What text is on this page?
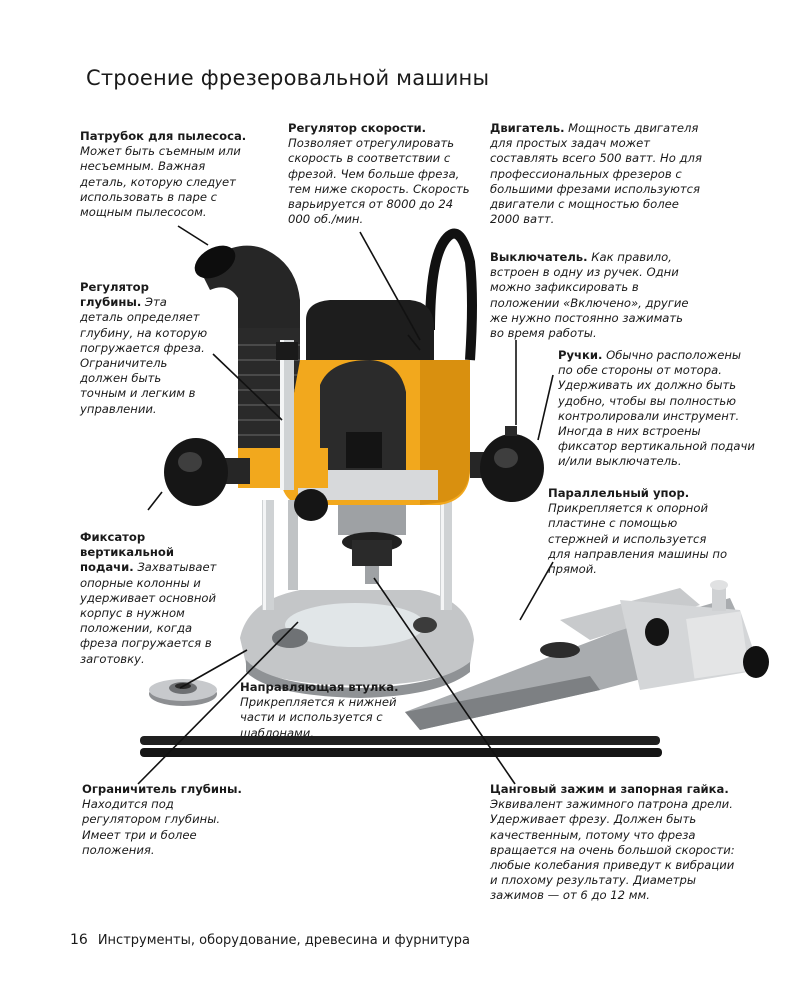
Строение фрезеровальной машины
Патрубок для пылесоса. Может быть съемным или несъемным. Важная деталь, которую следует использовать в паре с мощным пылесосом.
Регулятор скорости. Позволяет отрегулировать скорость в соответствии с фрезой. Чем больше фреза, тем ниже скорость. Скорость варьируется от 8000 до 24 000 об./мин.
Двигатель. Мощность двигателя для простых задач может составлять всего 500 ватт. Но для профессиональных фрезеров с большими фрезами используются двигатели с мощностью более 2000 ватт.
Выключатель. Как правило, встроен в одну из ручек. Одни можно зафиксировать в положении «Включено», другие же нужно постоянно зажимать во время работы.
Ручки. Обычно расположены по обе стороны от мотора. Удерживать их должно быть удобно, чтобы вы полностью контролировали инструмент. Иногда в них встроены фиксатор вертикальной подачи и/или выключатель.
Регулятор глубины. Эта деталь определяет глубину, на которую погружается фреза. Ограничитель должен быть точным и легким в управлении.
Параллельный упор. Прикрепляется к опорной пластине с помощью стержней и используется для направления машины по прямой.
Фиксатор вертикальной подачи. Захватывает опорные колонны и удерживает основной корпус в нужном положении, когда фреза погружается в заготовку.
Направляющая втулка. Прикрепляется к нижней части и используется с шаблонами.
Ограничитель глубины. Находится под регулятором глубины. Имеет три и более положения.
Цанговый зажим и запорная гайка. Эквивалент зажимного патрона дрели. Удерживает фрезу. Должен быть качественным, потому что фреза вращается на очень большой скорости: любые колебания приведут к вибрации и плохому результату. Диаметры зажимов — от 6 до 12 мм.
16 Инструменты, оборудование, древесина и фурнитура
